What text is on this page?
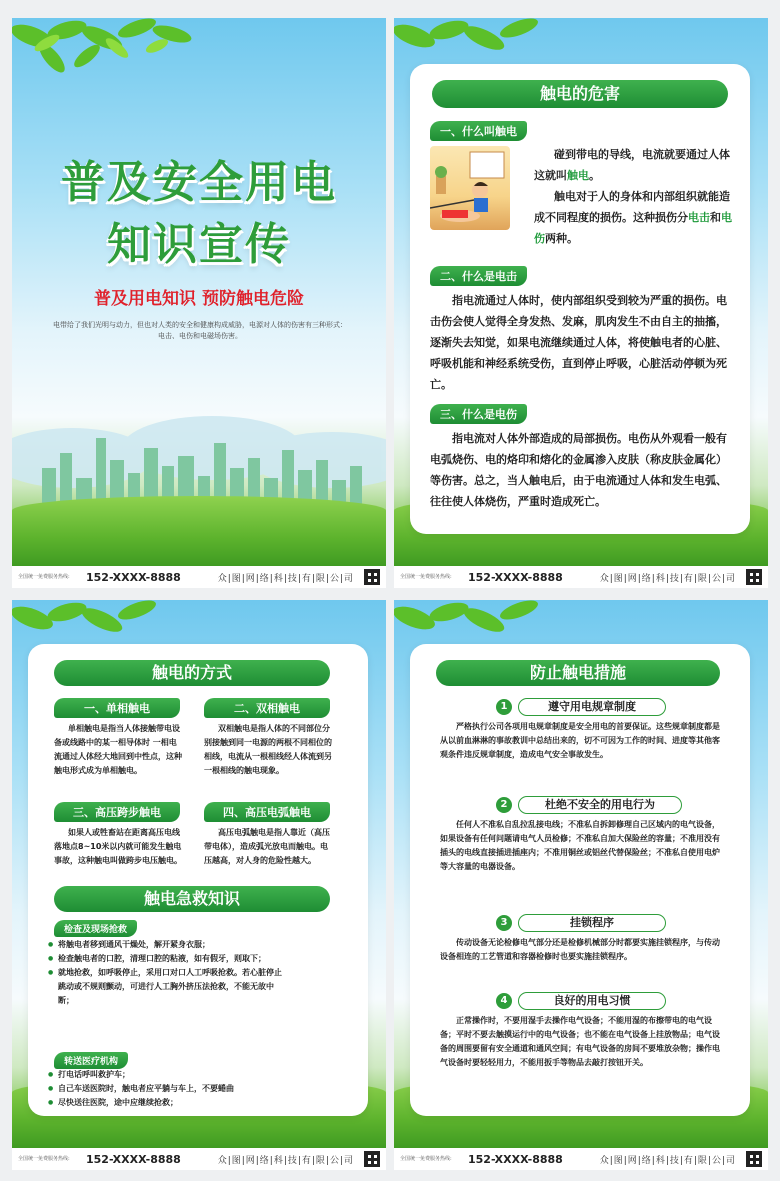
普及安全用电
知识宣传
普及用电知识 预防触电危险
电带给了我们光明与动力，但也对人类的安全和健康构成威胁，电源对人体的伤害有三种形式：电击、电伤和电磁场伤害。
全国统一免费服务热线:	152-XXXX-8888	众|图|网|络|科|技|有|限|公|司
触电的危害
一、什么叫触电
碰到带电的导线，电流就要通过人体这就叫触电。
触电对于人的身体和内部组织就能造成不同程度的损伤。这种损伤分电击和电伤两种。
二、什么是电击
指电流通过人体时，使内部组织受到较为严重的损伤。电击伤会使人觉得全身发热、发麻，肌肉发生不由自主的抽搐，逐渐失去知觉，如果电流继续通过人体，将使触电者的心脏、呼吸机能和神经系统受伤，直到停止呼吸，心脏活动停顿为死亡。
三、什么是电伤
指电流对人体外部造成的局部损伤。电伤从外观看一般有电弧烧伤、电的烙印和熔化的金属渗入皮肤（称皮肤金属化）等伤害。总之，当人触电后，由于电流通过人体和发生电弧、往往使人体烧伤，严重时造成死亡。
全国统一免费服务热线:	152-XXXX-8888	众|图|网|络|科|技|有|限|公|司
触电的方式
一、单相触电
单相触电是指当人体接触带电设备或线路中的某一相导体时 一相电流通过人体经大地回到中性点，这种触电形式成为单相触电。
二、双相触电
双相触电是指人体的不同部位分别接触到同一电源的两根不同相位的相线，电流从一根相线经人体流到另一根相线的触电现象。
三、高压跨步触电
如果人或牲畜站在距离高压电线落地点8~10米以内就可能发生触电事故，这种触电叫做跨步电压触电。
四、高压电弧触电
高压电弧触电是指人靠近（高压带电体），造成弧光放电而触电。电压越高，对人身的危险性越大。
触电急救知识
检查及现场抢救
● 将触电者移到通风干燥处，解开紧身衣服；
● 检查触电者的口腔，清理口腔的粘液，如有假牙，则取下；
● 就地抢救，如呼吸停止，采用口对口人工呼吸抢救。若心脏停止跳动或不规则颤动，可进行人工胸外挤压法抢救，不能无故中断；
转送医疗机构
● 打电话呼叫救护车；
● 自己车送医院时，触电者应平躺与车上，不要蜷曲
● 尽快送往医院，途中应继续抢救；
全国统一免费服务热线:	152-XXXX-8888	众|图|网|络|科|技|有|限|公|司
防止触电措施
1	遵守用电规章制度
严格执行公司各项用电规章制度是安全用电的首要保证。这些规章制度都是从以前血淋淋的事故教训中总结出来的，切不可因为工作的时间、进度等其他客观条件违反规章制度，造成电气安全事故发生。
2	杜绝不安全的用电行为
任何人不准私自乱拉乱接电线；不准私自拆卸修理自己区域内的电气设备，如果设备有任何问题请电气人员检修；不准私自加大保险丝的容量；不准用没有插头的电线直接插进插座内；不准用铜丝或铝丝代替保险丝；不准私自使用电炉等大容量的电器设备。
3	挂锁程序
传动设备无论检修电气部分还是检修机械部分时都要实施挂锁程序，与传动设备相连的工艺管道和容器检修时也要实施挂锁程序。
4	良好的用电习惯
正常操作时，不要用湿手去操作电气设备；不能用湿的布擦带电的电气设备；平时不要去触摸运行中的电气设备；也不能在电气设备上挂放物品；电气设备的周围要留有安全通道和通风空间；有电气设备的房间不要堆放杂物；操作电气设备时要轻轻用力，不能用扳手等物品去敲打按钮开关。
全国统一免费服务热线:	152-XXXX-8888	众|图|网|络|科|技|有|限|公|司
